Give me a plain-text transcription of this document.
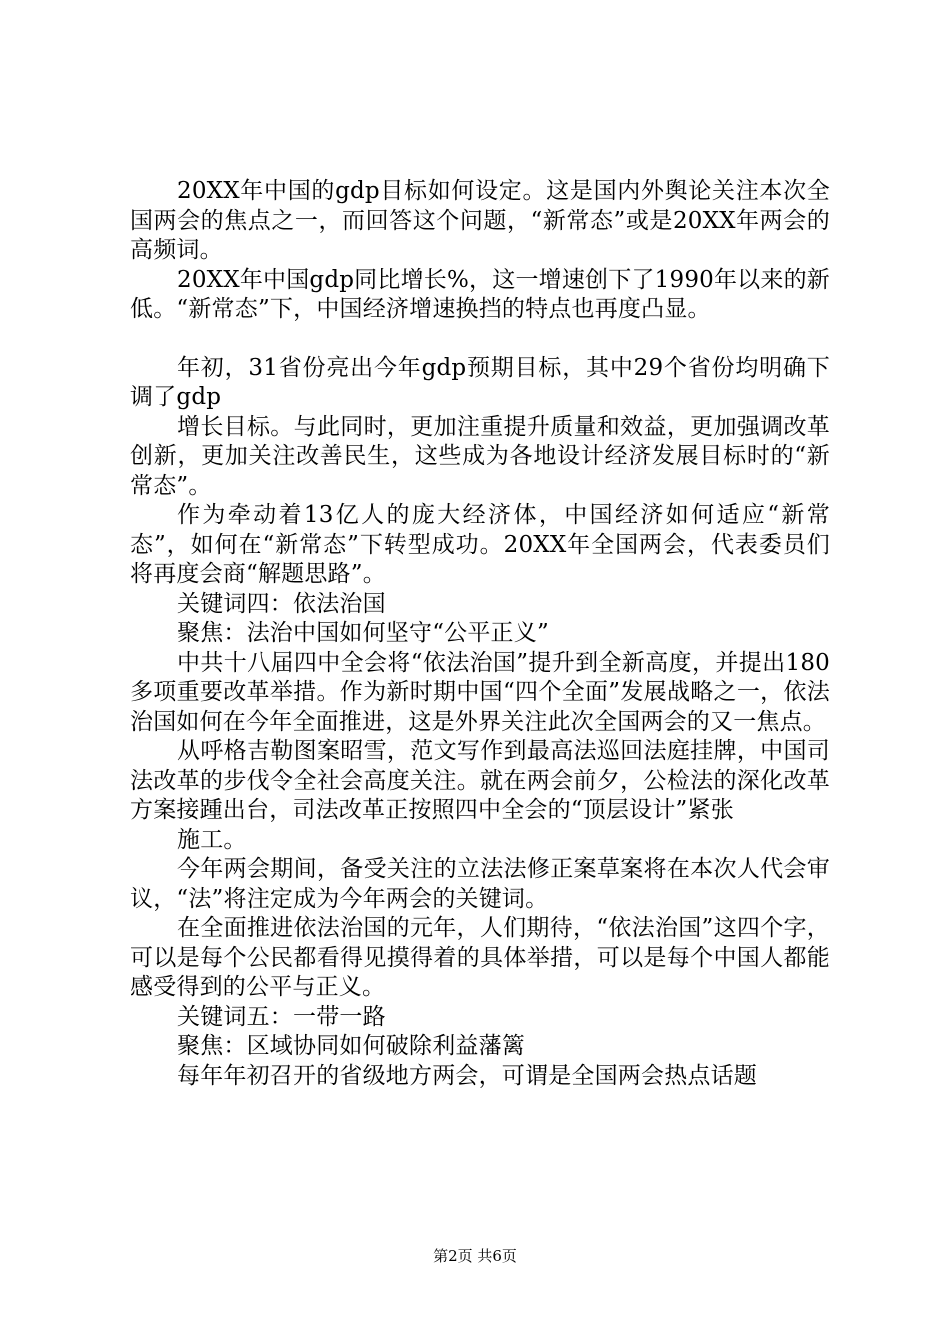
20XX年中国的gdp目标如何设定。这是国内外舆论关注本次全国两会的焦点之一，而回答这个问题，“新常态”或是20XX年两会的高频词。

20XX年中国gdp同比增长%，这一增速创下了1990年以来的新低。“新常态”下，中国经济增速换挡的特点也再度凸显。

年初，31省份亮出今年gdp预期目标，其中29个省份均明确下调了gdp

增长目标。与此同时，更加注重提升质量和效益，更加强调改革创新，更加关注改善民生，这些成为各地设计经济发展目标时的“新常态”。

作为牵动着13亿人的庞大经济体，中国经济如何适应“新常态”，如何在“新常态”下转型成功。20XX年全国两会，代表委员们将再度会商“解题思路”。

关键词四：依法治国

聚焦：法治中国如何坚守“公平正义”

中共十八届四中全会将“依法治国”提升到全新高度，并提出180多项重要改革举措。作为新时期中国“四个全面”发展战略之一，依法治国如何在今年全面推进，这是外界关注此次全国两会的又一焦点。

从呼格吉勒图案昭雪，范文写作到最高法巡回法庭挂牌，中国司法改革的步伐令全社会高度关注。就在两会前夕，公检法的深化改革方案接踵出台，司法改革正按照四中全会的“顶层设计”紧张

施工。

今年两会期间，备受关注的立法法修正案草案将在本次人代会审议，“法”将注定成为今年两会的关键词。

在全面推进依法治国的元年，人们期待，“依法治国”这四个字，可以是每个公民都看得见摸得着的具体举措，可以是每个中国人都能感受得到的公平与正义。

关键词五：一带一路

聚焦：区域协同如何破除利益藩篱

每年年初召开的省级地方两会，可谓是全国两会热点话题

第2页 共6页
